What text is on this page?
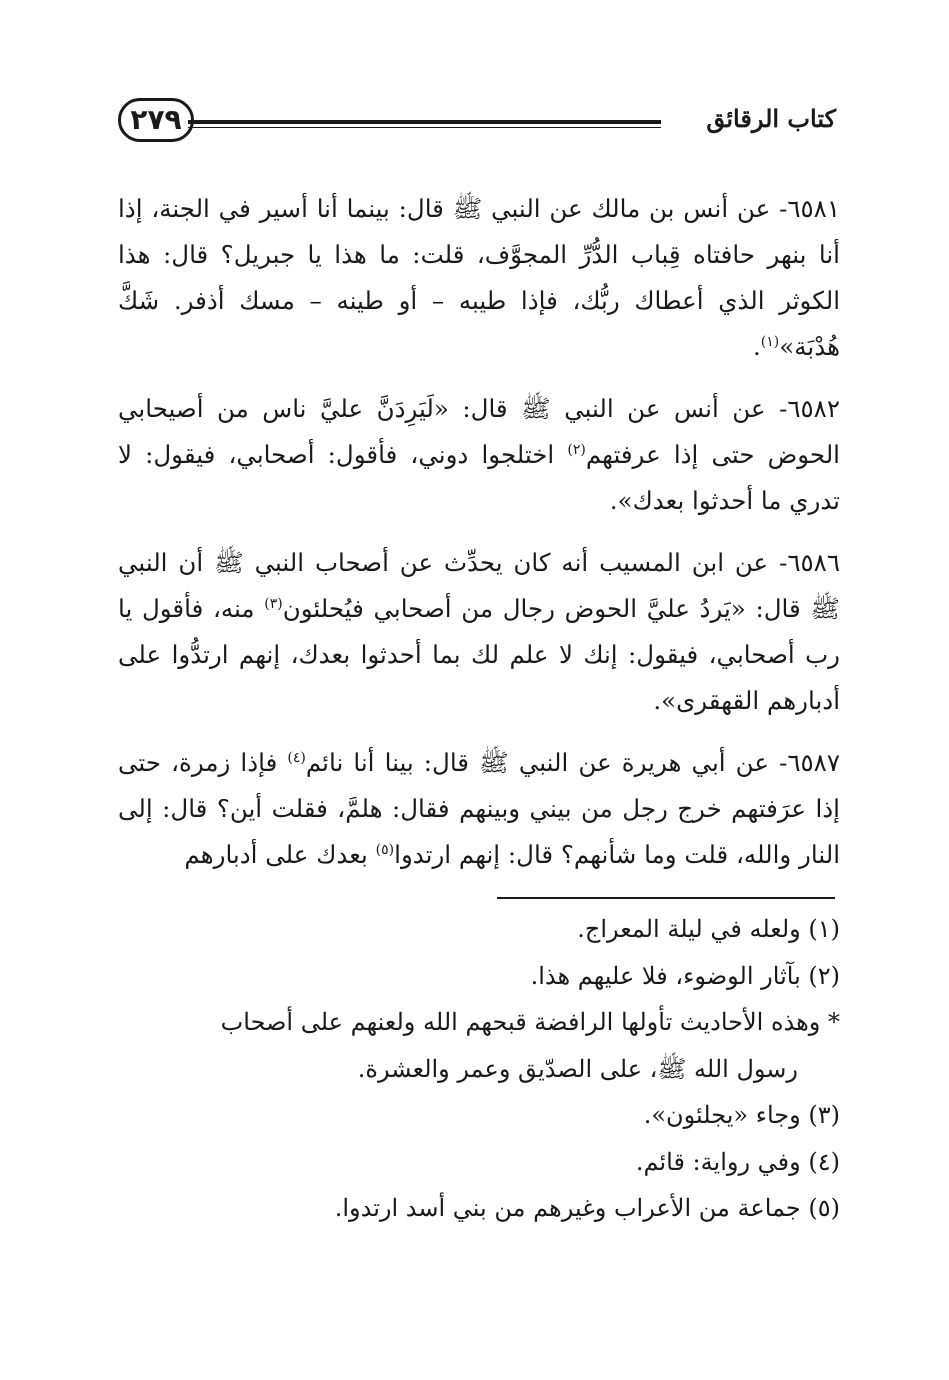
كتاب الرقائق
٢٧٩

٦٥٨١- عن أنس بن مالك عن النبي ﷺ قال: بينما أنا أسير في الجنة، إذا أنا بنهر حافتاه قِباب الدُّرِّ المجوَّف، قلت: ما هذا يا جبريل؟ قال: هذا الكوثر الذي أعطاك ربُّك، فإذا طيبه – أو طينه – مسك أذفر. شَكَّ هُدْبَة»$^{(١)}$.

٦٥٨٢- عن أنس عن النبي ﷺ قال: «لَيَرِدَنَّ عليَّ ناس من أصيحابي الحوض حتى إذا عرفتهم$^{(٢)}$ اختلجوا دوني، فأقول: أصحابي، فيقول: لا تدري ما أحدثوا بعدك».

٦٥٨٦- عن ابن المسيب أنه كان يحدِّث عن أصحاب النبي ﷺ أن النبي ﷺ قال: «يَردُ عليَّ الحوض رجال من أصحابي فيُحلئون$^{(٣)}$ منه، فأقول يا رب أصحابي، فيقول: إنك لا علم لك بما أحدثوا بعدك، إنهم ارتدُّوا على أدبارهم القهقرى».

٦٥٨٧- عن أبي هريرة عن النبي ﷺ قال: بينا أنا نائم$^{(٤)}$ فإذا زمرة، حتى إذا عرَفتهم خرج رجل من بيني وبينهم فقال: هلمَّ، فقلت أين؟ قال: إلى النار والله، قلت وما شأنهم؟ قال: إنهم ارتدوا$^{(٥)}$ بعدك على أدبارهم

(١) ولعله في ليلة المعراج.

(٢) بآثار الوضوء، فلا عليهم هذا.

* وهذه الأحاديث تأولها الرافضة قبحهم الله ولعنهم على أصحاب

رسول الله ﷺ، على الصدّيق وعمر والعشرة.

(٣) وجاء «يجلئون».

(٤) وفي رواية: قائم.

(٥) جماعة من الأعراب وغيرهم من بني أسد ارتدوا.
